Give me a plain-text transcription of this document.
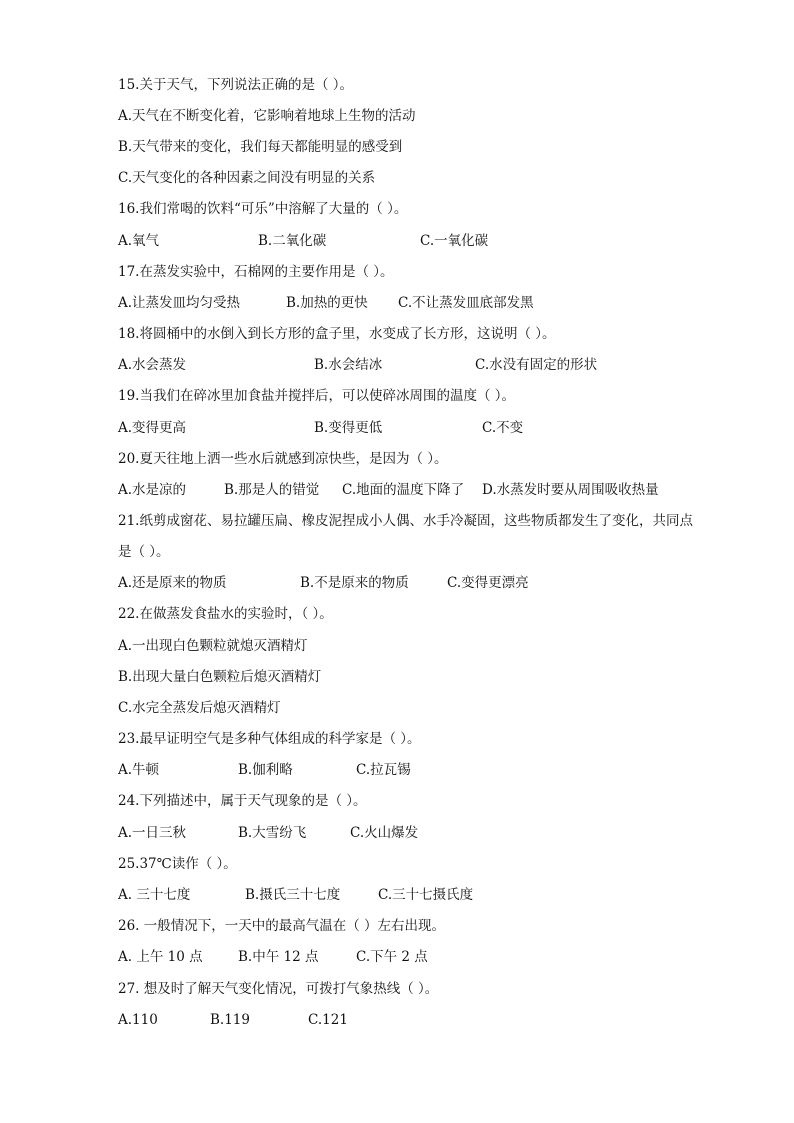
15.关于天气，下列说法正确的是（ ）。
A.天气在不断变化着，它影响着地球上生物的活动
B.天气带来的变化，我们每天都能明显的感受到
C.天气变化的各种因素之间没有明显的关系
16.我们常喝的饮料“可乐”中溶解了大量的（ ）。
A.氧气	B.二氧化碳	C.一氧化碳
17.在蒸发实验中，石棉网的主要作用是（ ）。
A.让蒸发皿均匀受热	B.加热的更快 C.不让蒸发皿底部发黑
18.将圆桶中的水倒入到长方形的盒子里，水变成了长方形，这说明（ ）。
A.水会蒸发	B.水会结冰	C.水没有固定的形状
19.当我们在碎冰里加食盐并搅拌后，可以使碎冰周围的温度（ ）。
A.变得更高	B.变得更低	C.不变
20.夏天往地上洒一些水后就感到凉快些，是因为（ ）。
A.水是凉的	B.那是人的错觉 C.地面的温度下降了 D.水蒸发时要从周围吸收热量
21.纸剪成窗花、易拉罐压扁、橡皮泥捏成小人偶、水手冷凝固，这些物质都发生了变化，共同点
是（ ）。
A.还是原来的物质	B.不是原来的物质	C.变得更漂亮
22.在做蒸发食盐水的实验时，（ ）。
A.一出现白色颗粒就熄灭酒精灯
B.出现大量白色颗粒后熄灭酒精灯
C.水完全蒸发后熄灭酒精灯
23.最早证明空气是多种气体组成的科学家是（ ）。
A.牛顿	B.伽利略	C.拉瓦锡
24.下列描述中，属于天气现象的是（ ）。
A.一日三秋	B.大雪纷飞	C.火山爆发
25.37℃读作（ ）。
A. 三十七度	B.摄氏三十七度	C.三十七摄氏度
26. 一般情况下，一天中的最高气温在（ ）左右出现。
A. 上午 10 点	B.中午 12 点	C.下午 2 点
27. 想及时了解天气变化情况，可拨打气象热线（ ）。
A.110	B.119	C.121
